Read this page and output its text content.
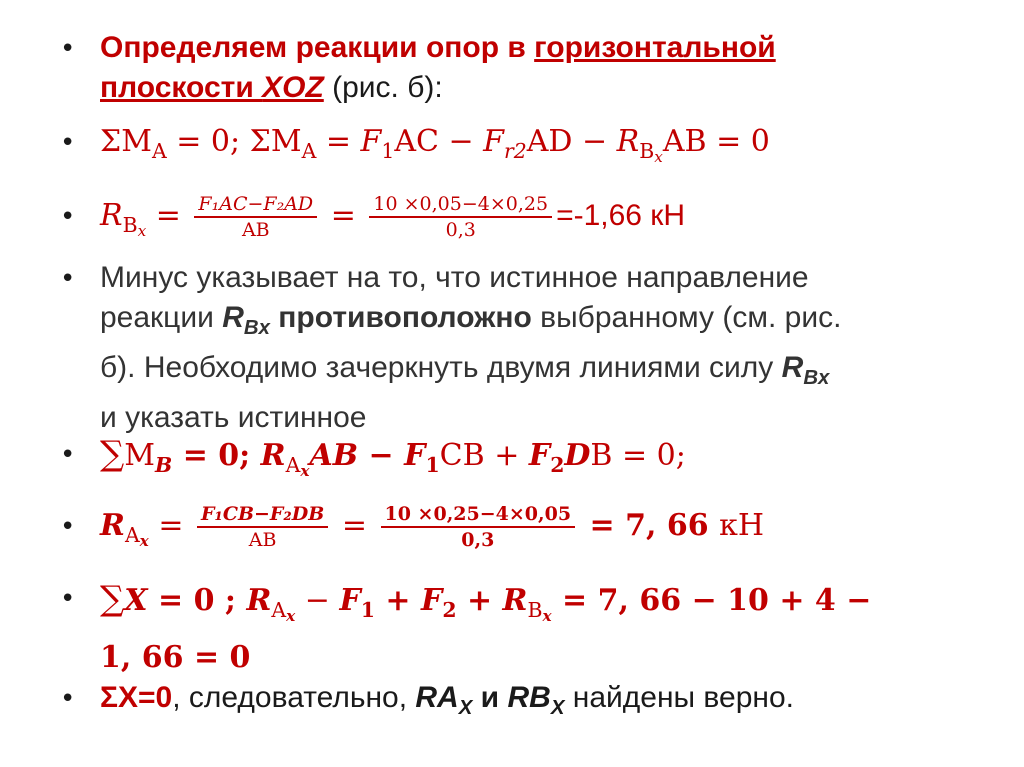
• Определяем реакции опор в горизонтальной
плоскости XOZ (рис. б):
• $\Sigma M_A = 0$; $\Sigma M_A = F_1AC - F_{r2}AD - R_{Bx}AB = 0$
• $R_{Bx} = \frac{\text{F₁AC−F₂AD}}{AB} = \frac{10 \times 0,05-4\times 0,25}{0,3} =-1,66$ кН
• Минус указывает на то, что истинное направление
реакции $R_{Bx}$ противоположно выбранному (см. рис.
б). Необходимо зачеркнуть двумя линиями силу $R_{Bx}$
и указать истинное
• $\sum M_B = 0$; $R_{Ax}AB - F_1CB + F_2DB = 0$;
• $R_{Ax} = \frac{\text{F₁CB−F₂DB}}{AB} = \frac{10 \times 0,25-4\times 0,05}{0,3} = 7$, 66 кН
• ∑X = 0 ; $R_{Ax} - F_1 + F_2 + R_{Bx} = 7$, 66 − 10 + 4 −
1, 66 = 0
• ΣX=0, следовательно, $RA_X$ и $RB_X$ найдены верно.
